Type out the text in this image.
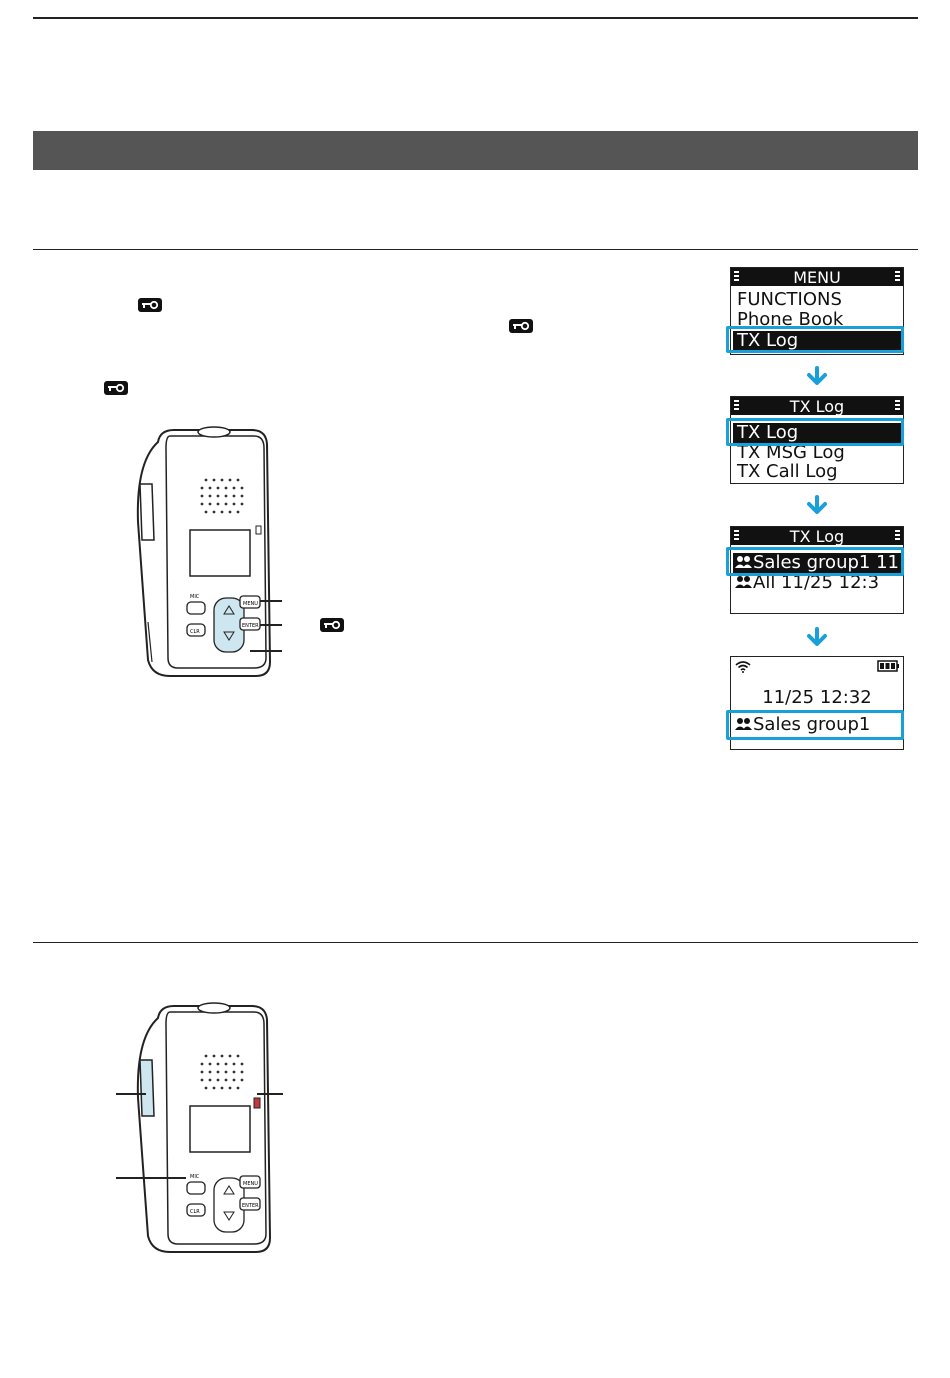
MENU
ENTER
CLR
MIC
MENU
FUNCTIONS
Phone Book
TX Log
TX Log
TX Log
TX MSG Log
TX Call Log
TX Log
Sales group1 11
All 11/25 12:3
11/25 12:32
Sales group1
MENU
ENTER
CLR
MIC
